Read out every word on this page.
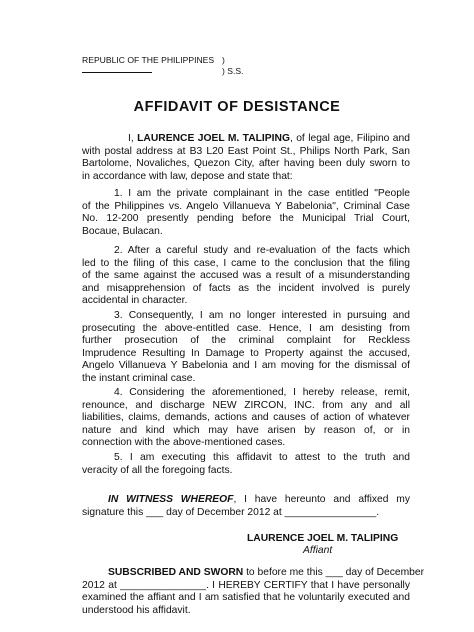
REPUBLIC OF THE PHILIPPINES )
) S.S.
AFFIDAVIT OF DESISTANCE
I, LAURENCE JOEL M. TALIPING, of legal age, Filipino and
with postal address at B3 L20 East Point St., Philips North Park, San
Bartolome, Novaliches, Quezon City, after having been duly sworn to
in accordance with law, depose and state that:
1. I am the private complainant in the case entitled "People
of the Philippines vs. Angelo Villanueva Y Babelonia", Criminal Case
No. 12-200 presently pending before the Municipal Trial Court,
Bocaue, Bulacan.
2. After a careful study and re-evaluation of the facts which
led to the filing of this case, I came to the conclusion that the filing
of the same against the accused was a result of a misunderstanding
and misapprehension of facts as the incident involved is purely
accidental in character.
3. Consequently, I am no longer interested in pursuing and
prosecuting the above-entitled case. Hence, I am desisting from
further prosecution of the criminal complaint for Reckless
Imprudence Resulting In Damage to Property against the accused,
Angelo Villanueva Y Babelonia and I am moving for the dismissal of
the instant criminal case.
4. Considering the aforementioned, I hereby release, remit,
renounce, and discharge NEW ZIRCON, INC. from any and all
liabilities, claims, demands, actions and causes of action of whatever
nature and kind which may have arisen by reason of, or in
connection with the above-mentioned cases.
5. I am executing this affidavit to attest to the truth and
veracity of all the foregoing facts.
IN WITNESS WHEREOF, I have hereunto and affixed my
signature this ___ day of December 2012 at ________________.
LAURENCE JOEL M. TALIPING
Affiant
SUBSCRIBED AND SWORN to before me this ___ day of December
2012 at _______________. I HEREBY CERTIFY that I have personally
examined the affiant and I am satisfied that he voluntarily executed and
understood his affidavit.
